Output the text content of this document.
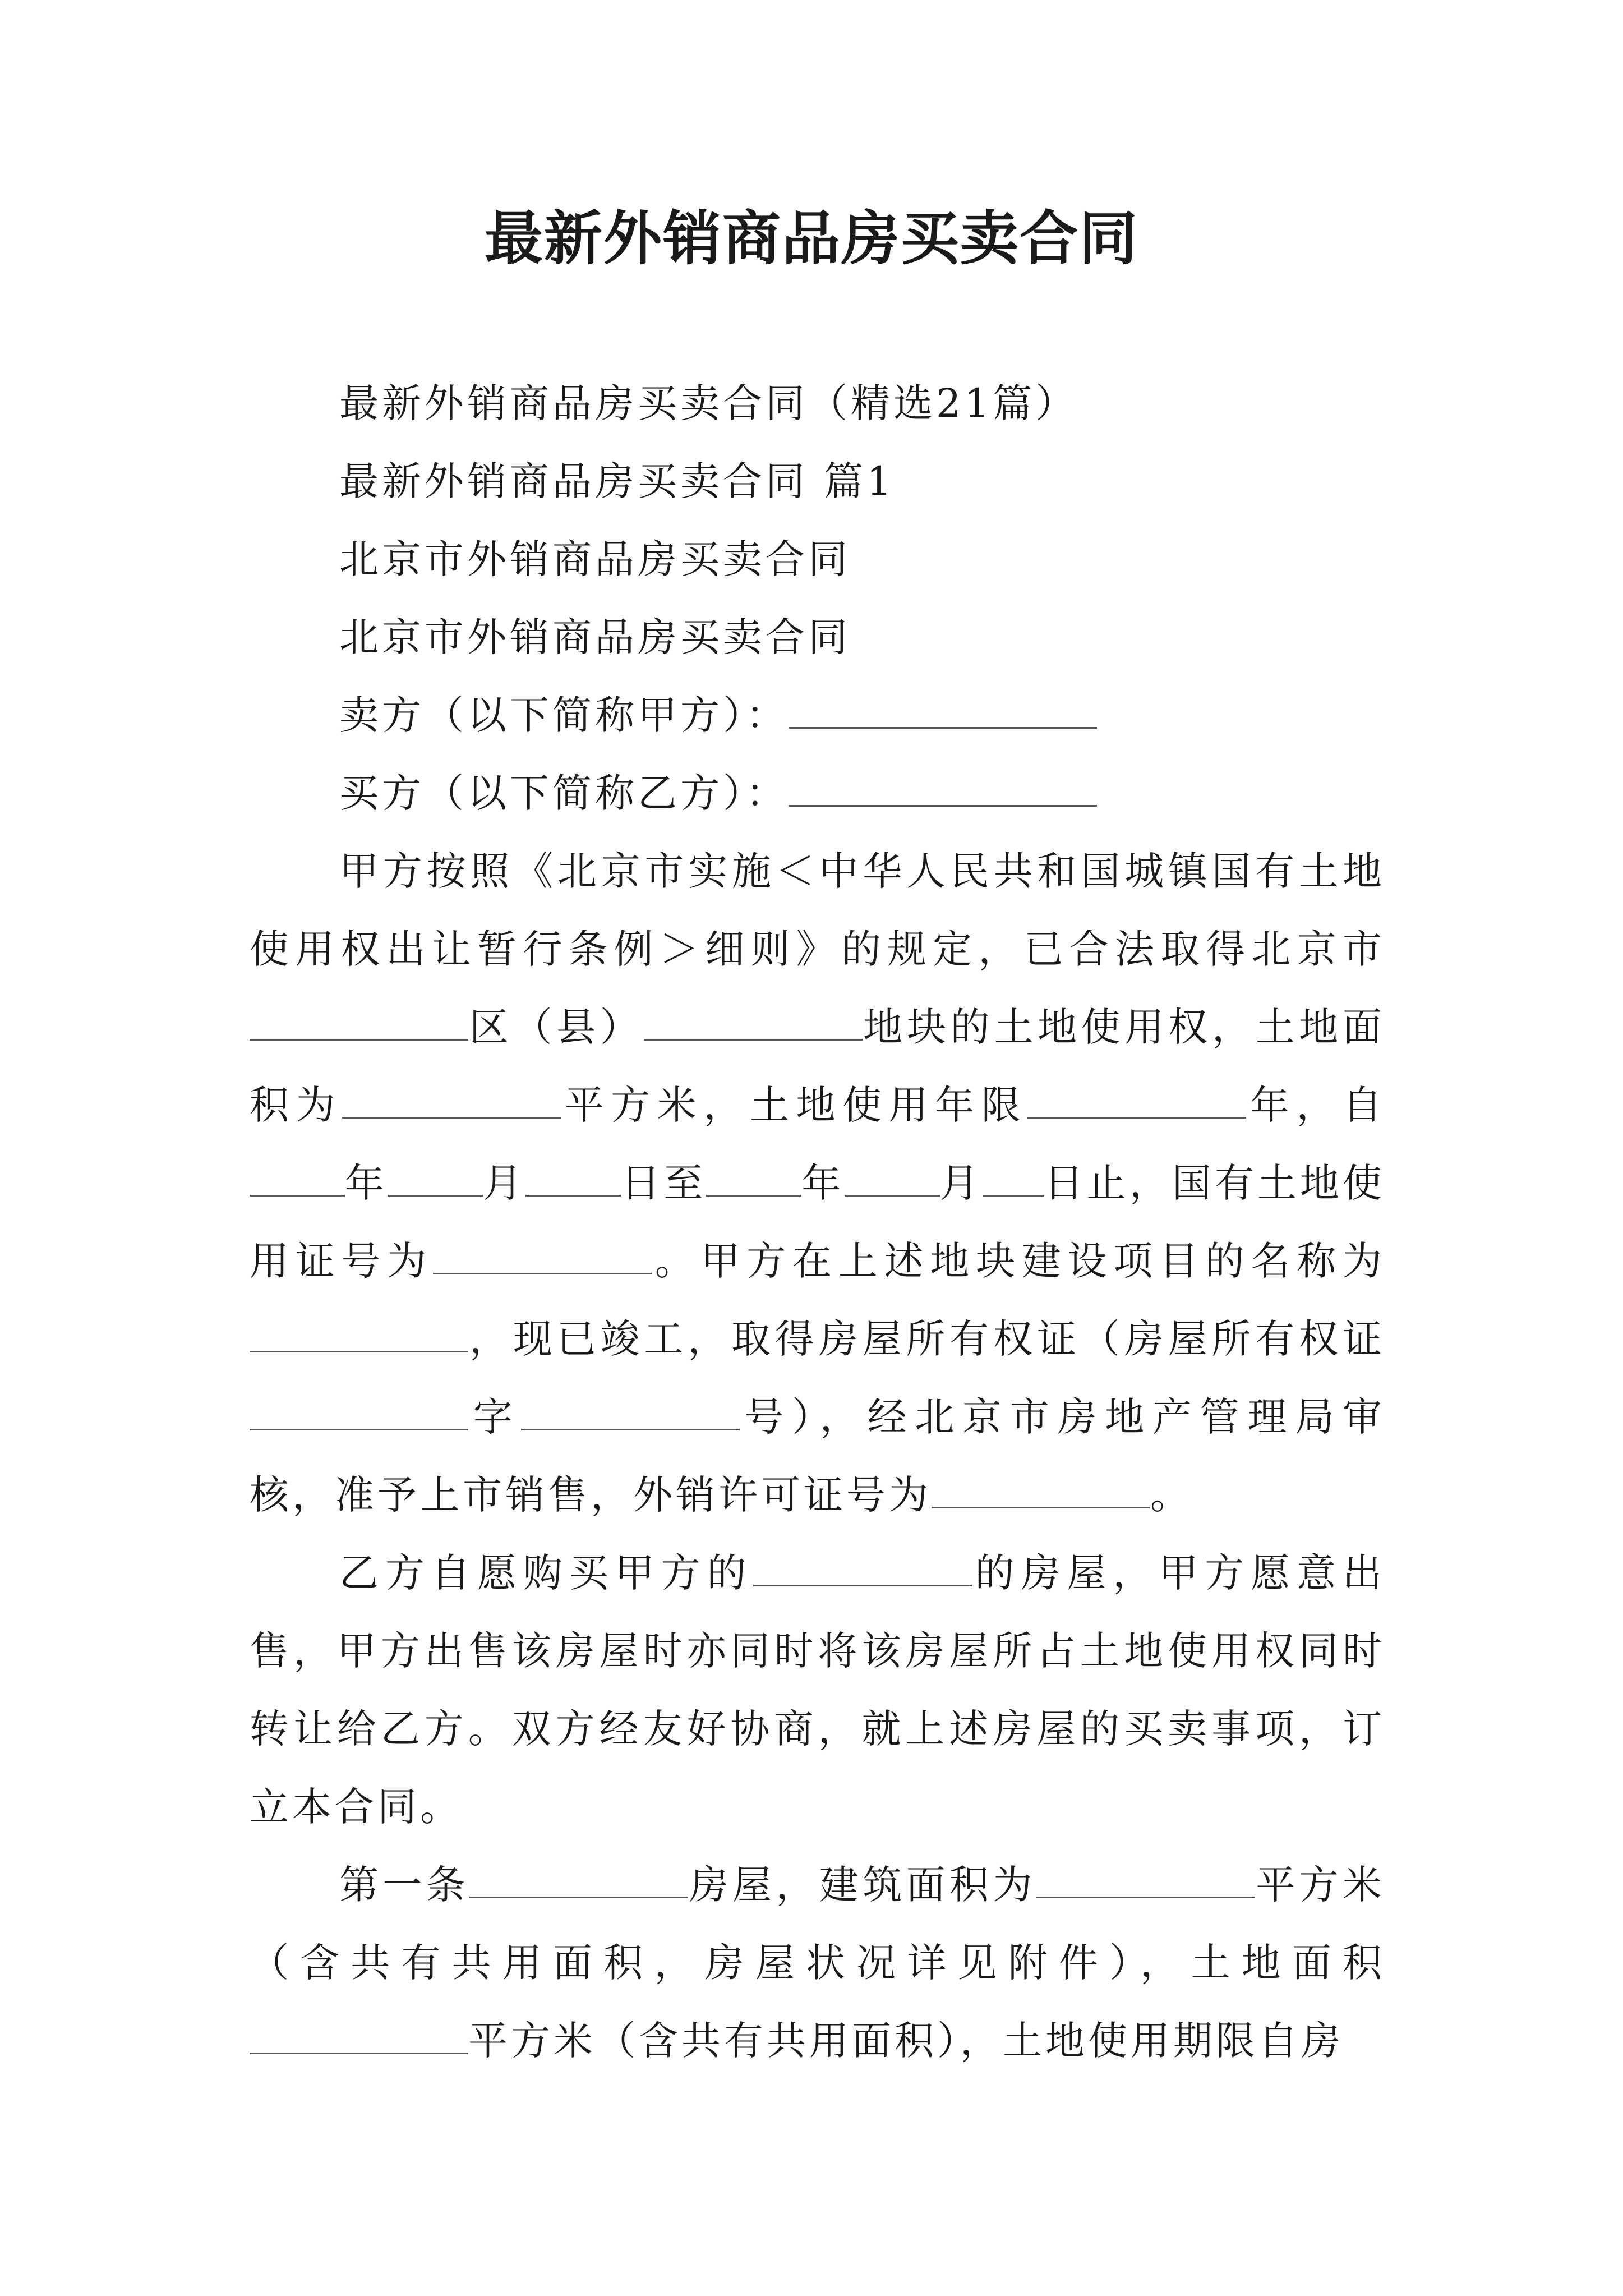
最新外销商品房买卖合同
最新外销商品房买卖合同（精选21篇）
最新外销商品房买卖合同 篇1
北京市外销商品房买卖合同
北京市外销商品房买卖合同
卖方（以下简称甲方）：
买方（以下简称乙方）：
甲方按照《北京市实施＜中华人民共和国城镇国有土地使用权出让暂行条例＞细则》的规定，已合法取得北京市区（县）	地块的土地使用权，土地面积为	平方米，土地使用年限	年，自年 月 日至 年 月 日止，国有土地使用证号为	。甲方在上述地块建设项目的名称为，现已竣工，取得房屋所有权证（房屋所有权证字	号），经北京市房地产管理局审核，准予上市销售，外销许可证号为	。
乙方自愿购买甲方的	的房屋，甲方愿意出售，甲方出售该房屋时亦同时将该房屋所占土地使用权同时转让给乙方。双方经友好协商，就上述房屋的买卖事项，订立本合同。
第一条	房屋，建筑面积为	平方米（含共有共用面积，房屋状况详见附件），土地面积平方米（含共有共用面积），土地使用期限自房
